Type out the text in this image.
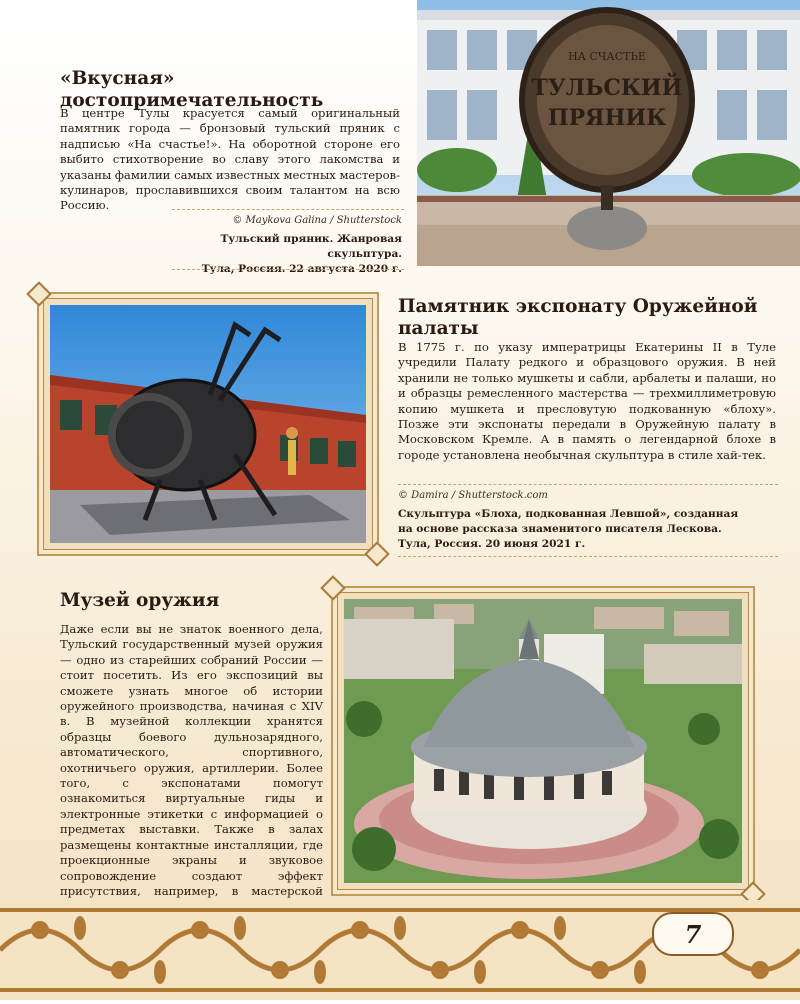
«Вкусная» достопримечательность

В центре Тулы красуется самый оригинальный памятник города — бронзовый тульский пряник с надписью «На счастье!». На оборотной стороне его выбито стихотворение во славу этого лакомства и указаны фамилии самых известных местных мастеров-кулинаров, прославившихся своим талантом на всю Россию.

© Maykova Galina / Shutterstock

Тульский пряник. Жанровая скульптура.

Тула, Россия. 22 августа 2020 г.

НА СЧАСТЬЕ
ТУЛЬСКИЙ
ПРЯНИК
Памятник экспонату Оружейной палаты

В 1775 г. по указу императрицы Екатерины II в Туле учредили Палату редкого и образцового оружия. В ней хранили не только мушкеты и сабли, арбалеты и палаши, но и образцы ремесленного мастерства — трехмиллиметровую копию мушкета и пресловутую подкованную «блоху». Позже эти экспонаты передали в Оружейную палату в Московском Кремле. А в память о легендарной блохе в городе установлена необычная скульптура в стиле хай-тек.

© Damira / Shutterstock.com

Скульптура «Блоха, подкованная Левшой», созданная

на основе рассказа знаменитого писателя Лескова.

Тула, Россия. 20 июня 2021 г.

Музей оружия

Даже если вы не знаток военного дела, Тульский государственный музей оружия — одно из старейших собраний России — стоит посетить. Из его экспозиций вы сможете узнать многое об истории оружейного производства, начиная с XIV в. В музейной коллекции хранятся образцы боевого дульнозарядного, автоматического, спортивного, охотничьего оружия, артиллерии. Более того, с экспонатами помогут ознакомиться виртуальные гиды и электронные этикетки с информацией о предметах выставки. Также в залах размещены контактные инсталляции, где проекционные экраны и звуковое сопровождение создают эффект присутствия, например, в мастерской

7
